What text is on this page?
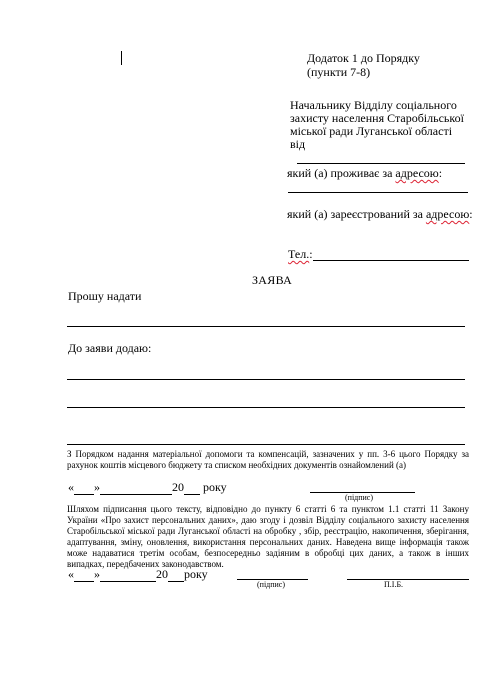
Додаток 1 до Порядку
(пункти 7-8)
Начальнику Відділу соціального
захисту населення Старобільської
міської ради Луганської області
від
який (а) проживає за адресою:
який (а) зареєстрований за адресою:
Тел.:
ЗАЯВА
Прошу надати
До заяви додаю:
З Порядком надання матеріальної допомоги та компенсацій, зазначених у пп. 3-6 цього Порядку за рахунок коштів місцевого бюджету та списком необхідних документів ознайомлений (а)
« »	20 року
(підпис)
Шляхом підписання цього тексту, відповідно до пункту 6 статті 6 та пунктом 1.1 статті 11 Закону України «Про захист персональних даних», даю згоду і дозвіл Відділу соціального захисту населення Старобільської міської ради Луганської області на обробку , збір, реєстрацію, накопичення, зберігання, адаптування, зміну, оновлення, використання персональних даних. Наведена вище інформація також може надаватися третім особам, безпосередньо задіяним в обробці цих даних, а також в інших випадках, передбачених законодавством.
« »	20 року
(підпис)	П.І.Б.
